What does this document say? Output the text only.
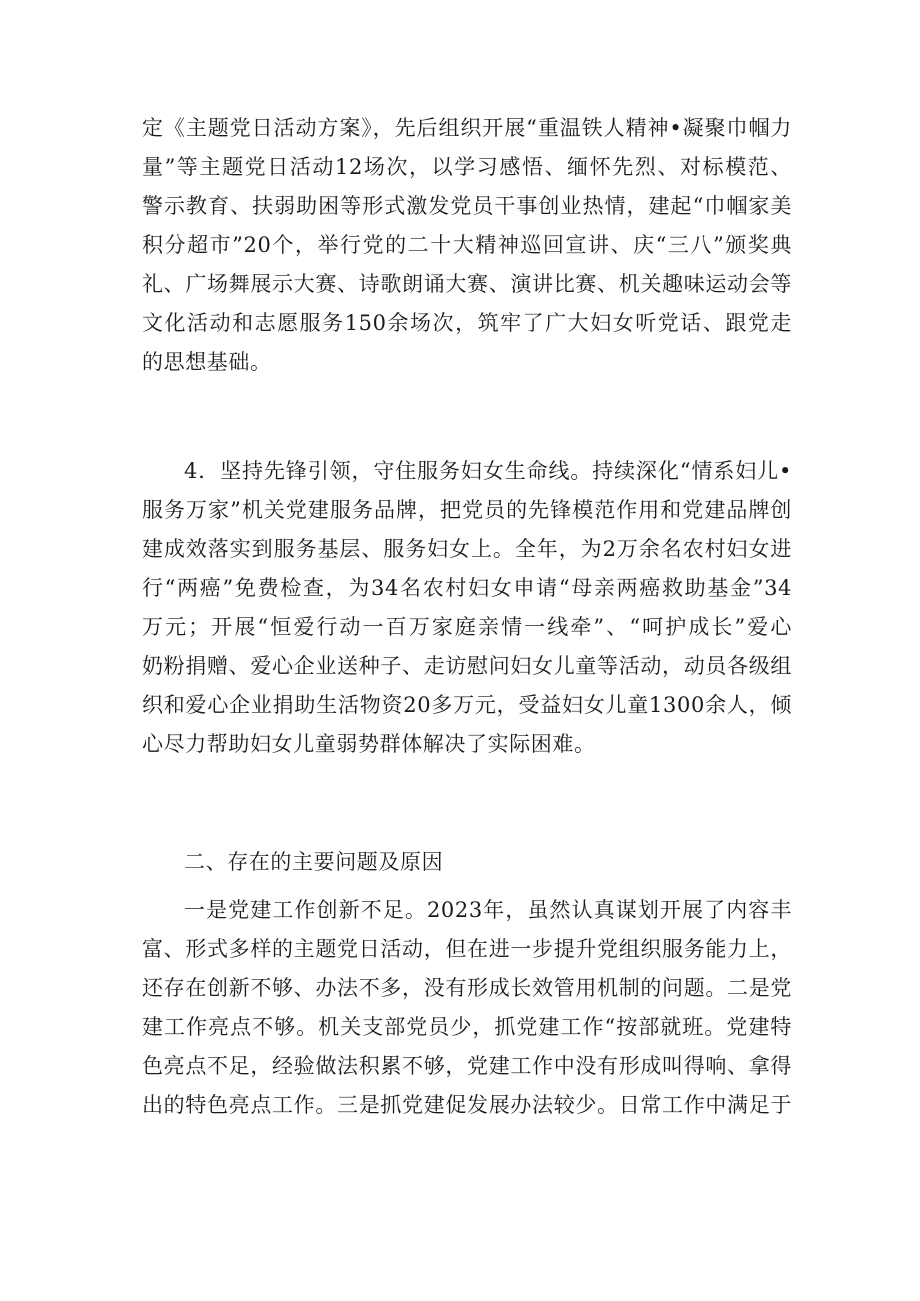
定《主题党日活动方案》，先后组织开展“重温铁人精神•凝聚巾帼力
量”等主题党日活动12场次，以学习感悟、缅怀先烈、对标模范、
警示教育、扶弱助困等形式激发党员干事创业热情，建起“巾帼家美
积分超市”20个，举行党的二十大精神巡回宣讲、庆“三八”颁奖典
礼、广场舞展示大赛、诗歌朗诵大赛、演讲比赛、机关趣味运动会等
文化活动和志愿服务150余场次，筑牢了广大妇女听党话、跟党走
的思想基础。
4．坚持先锋引领，守住服务妇女生命线。持续深化“情系妇儿•
服务万家”机关党建服务品牌，把党员的先锋模范作用和党建品牌创
建成效落实到服务基层、服务妇女上。全年，为2万余名农村妇女进
行“两癌”免费检查，为34名农村妇女申请“母亲两癌救助基金”34
万元；开展“恒爱行动一百万家庭亲情一线牵”、“呵护成长”爱心
奶粉捐赠、爱心企业送种子、走访慰问妇女儿童等活动，动员各级组
织和爱心企业捐助生活物资20多万元，受益妇女儿童1300余人，倾
心尽力帮助妇女儿童弱势群体解决了实际困难。
二、存在的主要问题及原因
一是党建工作创新不足。2023年，虽然认真谋划开展了内容丰
富、形式多样的主题党日活动，但在进一步提升党组织服务能力上，
还存在创新不够、办法不多，没有形成长效管用机制的问题。二是党
建工作亮点不够。机关支部党员少，抓党建工作“按部就班。党建特
色亮点不足，经验做法积累不够，党建工作中没有形成叫得响、拿得
出的特色亮点工作。三是抓党建促发展办法较少。日常工作中满足于
